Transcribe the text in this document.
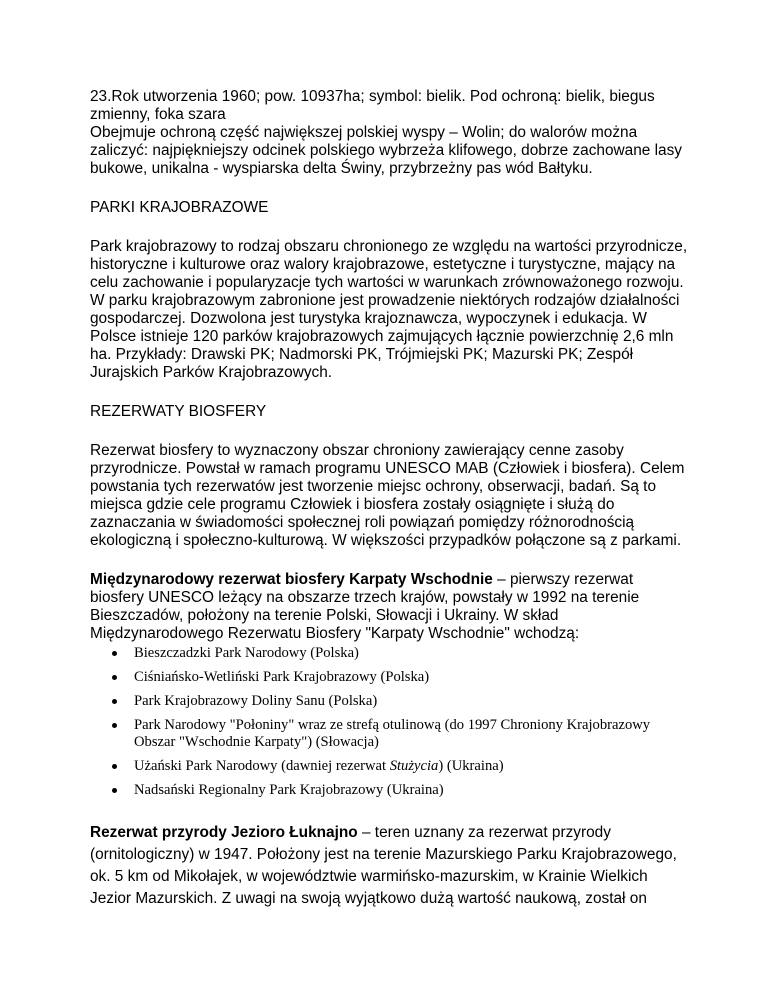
23.Rok utworzenia 1960; pow. 10937ha; symbol: bielik. Pod ochroną: bielik, biegus

zmienny, foka szara

Obejmuje ochroną część największej polskiej wyspy – Wolin; do walorów można zaliczyć: najpiękniejszy odcinek polskiego wybrzeża klifowego, dobrze zachowane lasy bukowe, unikalna - wyspiarska delta Świny, przybrzeżny pas wód Bałtyku.

PARKI KRAJOBRAZOWE

Park krajobrazowy to rodzaj obszaru chronionego ze względu na wartości przyrodnicze, historyczne i kulturowe oraz walory krajobrazowe, estetyczne i turystyczne, mający na celu zachowanie i popularyzacje tych wartości w warunkach zrównoważonego rozwoju. W parku krajobrazowym zabronione jest prowadzenie niektórych rodzajów działalności gospodarczej. Dozwolona jest turystyka krajoznawcza, wypoczynek i edukacja. W Polsce istnieje 120 parków krajobrazowych zajmujących łącznie powierzchnię 2,6 mln ha. Przykłady: Drawski PK; Nadmorski PK, Trójmiejski PK; Mazurski PK; Zespół Jurajskich Parków Krajobrazowych.

REZERWATY BIOSFERY

Rezerwat biosfery to wyznaczony obszar chroniony zawierający cenne zasoby przyrodnicze. Powstał w ramach programu UNESCO MAB (Człowiek i biosfera). Celem powstania tych rezerwatów jest tworzenie miejsc ochrony, obserwacji, badań. Są to miejsca gdzie cele programu Człowiek i biosfera zostały osiągnięte i służą do zaznaczania w świadomości społecznej roli powiązań pomiędzy różnorodnością ekologiczną i społeczno-kulturową. W większości przypadków połączone są z parkami.

Międzynarodowy rezerwat biosfery Karpaty Wschodnie – pierwszy rezerwat biosfery UNESCO leżący na obszarze trzech krajów, powstały w 1992 na terenie Bieszczadów, położony na terenie Polski, Słowacji i Ukrainy. W skład Międzynarodowego Rezerwatu Biosfery "Karpaty Wschodnie" wchodzą:

Bieszczadzki Park Narodowy (Polska)
Ciśniańsko-Wetliński Park Krajobrazowy (Polska)
Park Krajobrazowy Doliny Sanu (Polska)
Park Narodowy "Połoniny" wraz ze strefą otulinową (do 1997 Chroniony Krajobrazowy Obszar "Wschodnie Karpaty") (Słowacja)
Użański Park Narodowy (dawniej rezerwat Stużycia) (Ukraina)
Nadsański Regionalny Park Krajobrazowy (Ukraina)

Rezerwat przyrody Jezioro Łuknajno – teren uznany za rezerwat przyrody (ornitologiczny) w 1947. Położony jest na terenie Mazurskiego Parku Krajobrazowego, ok. 5 km od Mikołajek, w województwie warmińsko-mazurskim, w Krainie Wielkich Jezior Mazurskich. Z uwagi na swoją wyjątkowo dużą wartość naukową, został on
